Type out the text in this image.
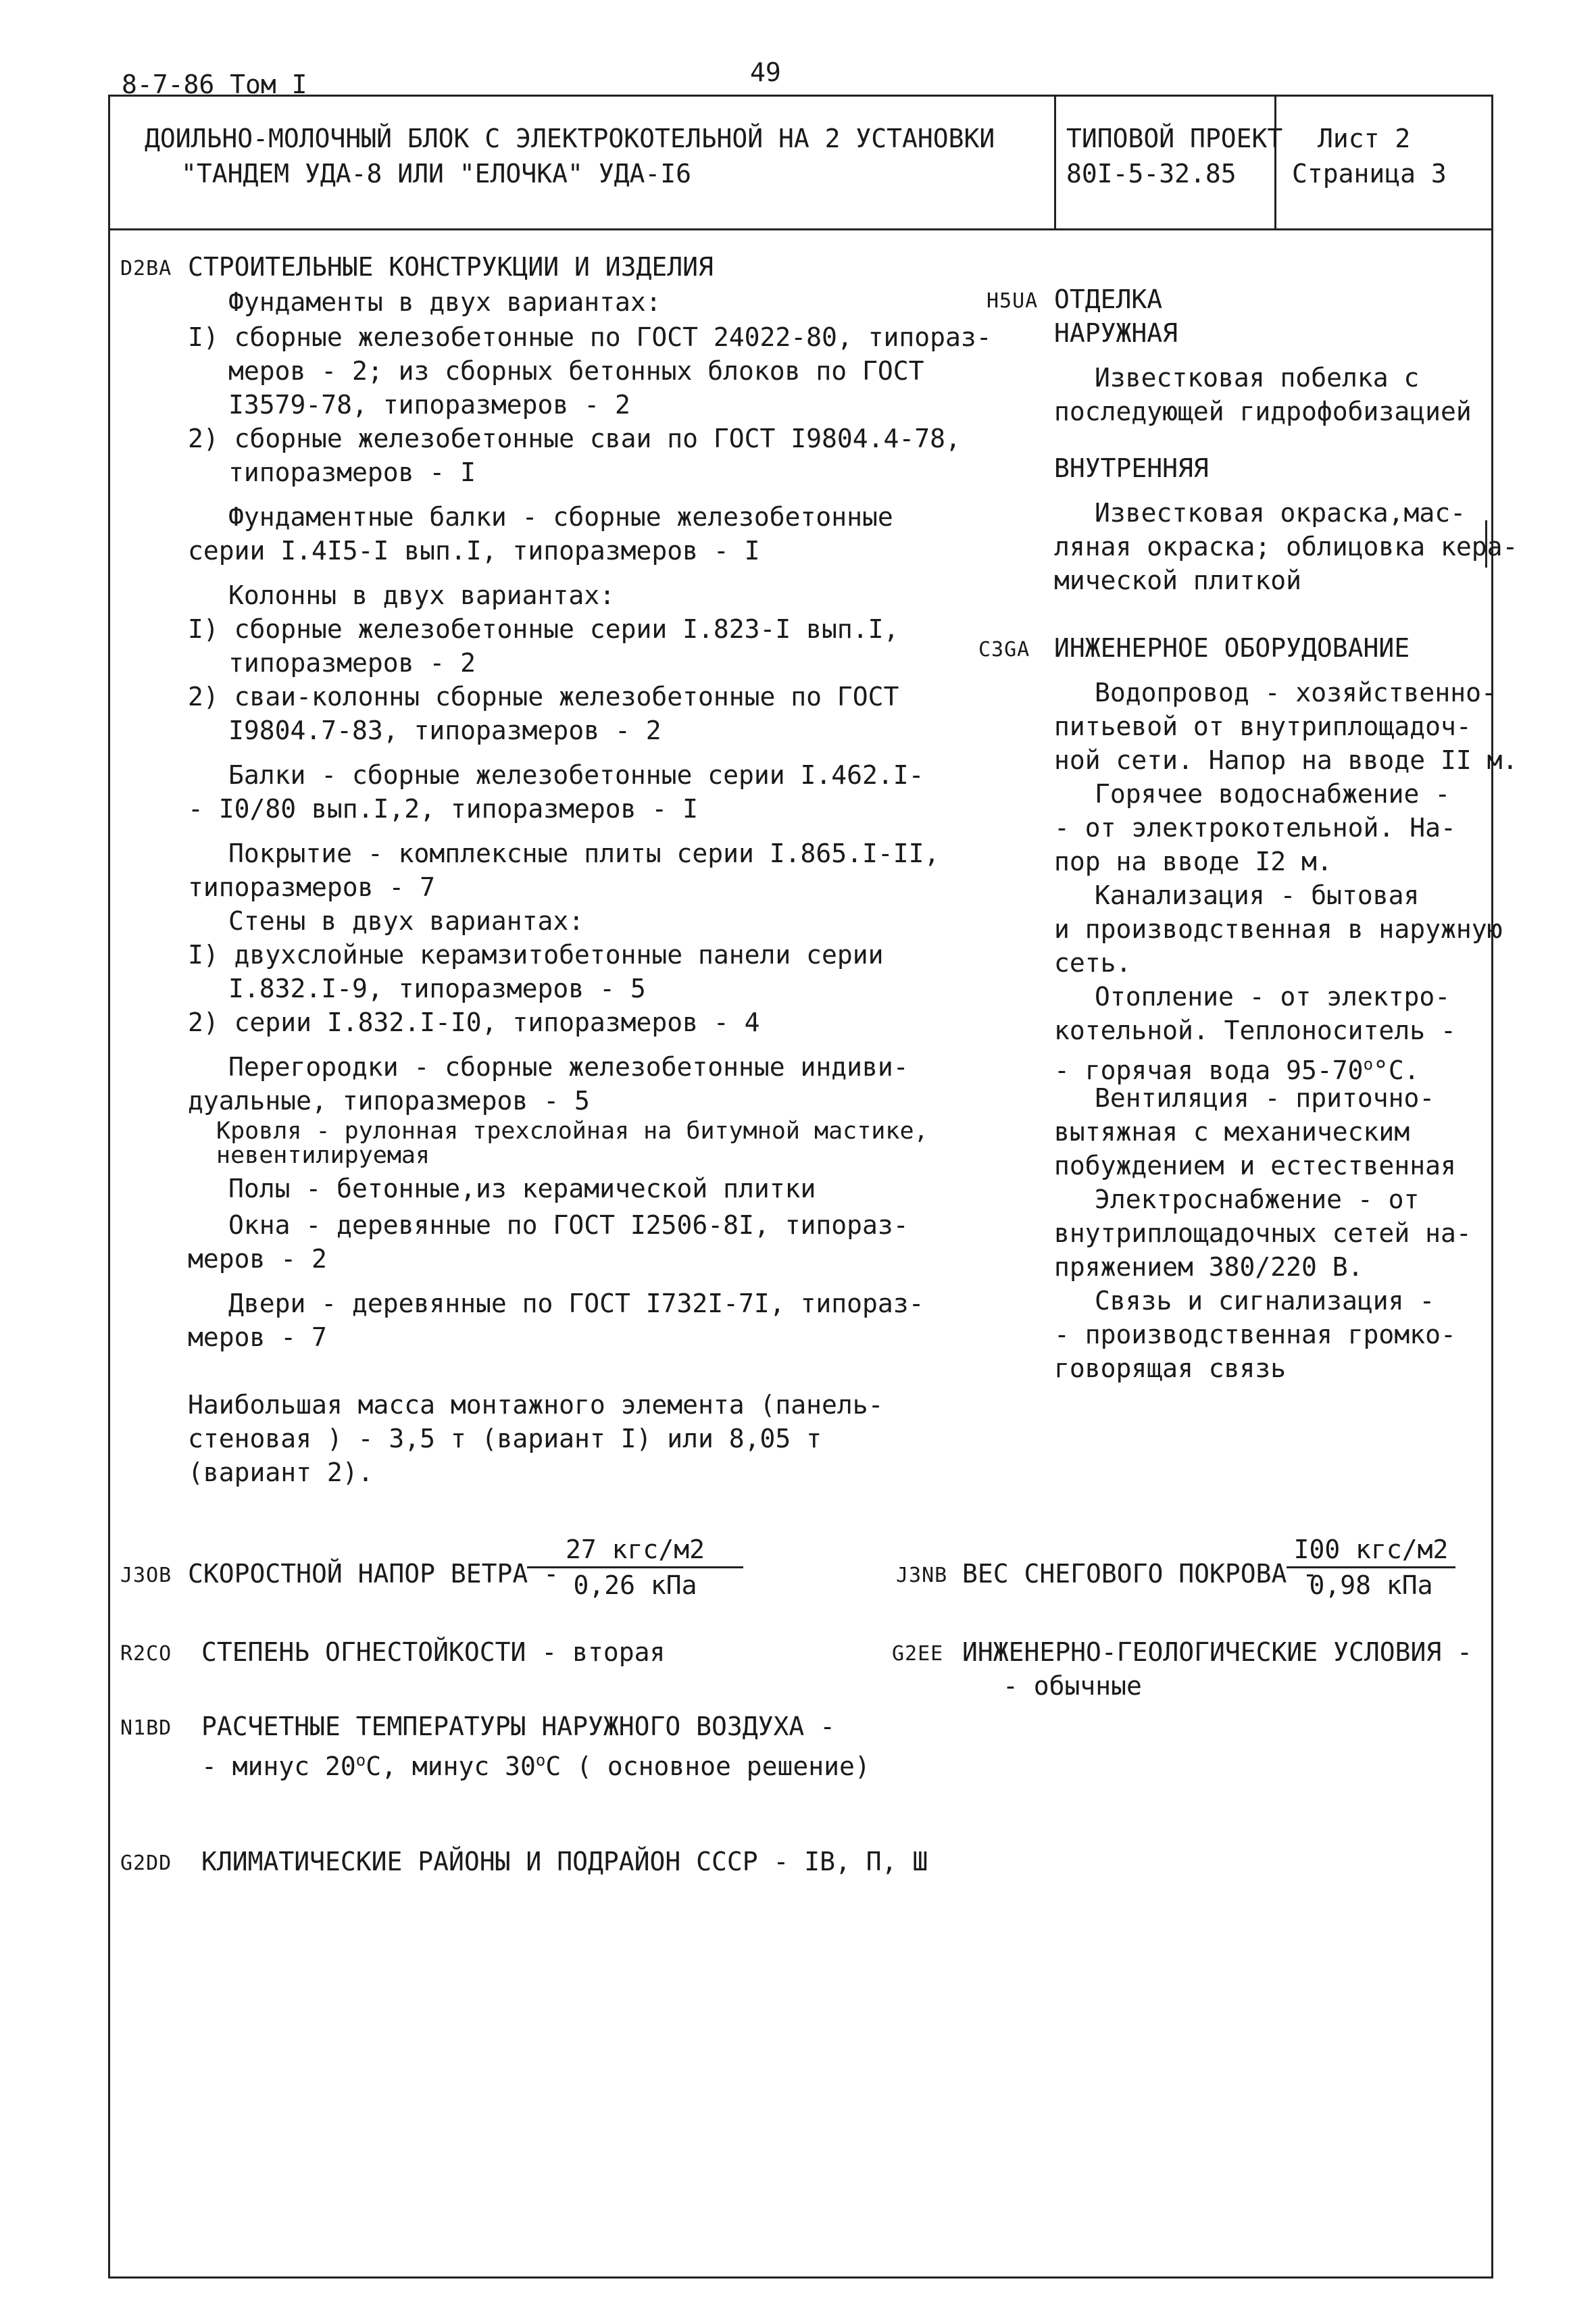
8-7-86 Том I	49
ДОИЛЬНО-МОЛОЧНЫЙ БЛОК С ЭЛЕКТРОКОТЕЛЬНОЙ НА 2 УСТАНОВКИ
"ТАНДЕМ УДА-8 ИЛИ "ЕЛОЧКА" УДА-I6
ТИПОВОЙ ПРОЕКТ
80I-5-32.85
Лист 2
Страница 3
D2BA СТРОИТЕЛЬНЫЕ КОНСТРУКЦИИ И ИЗДЕЛИЯ
Фундаменты в двух вариантах:
I) сборные железобетонные по ГОСТ 24022-80, типораз-
меров - 2; из сборных бетонных блоков по ГОСТ
I3579-78, типоразмеров - 2
2) сборные железобетонные сваи по ГОСТ I9804.4-78,
типоразмеров - I
Фундаментные балки - сборные железобетонные
серии I.4I5-I вып.I, типоразмеров - I
Колонны в двух вариантах:
I) сборные железобетонные серии I.823-I вып.I,
типоразмеров - 2
2) сваи-колонны сборные железобетонные по ГОСТ
I9804.7-83, типоразмеров - 2
Балки - сборные железобетонные серии I.462.I-
- I0/80 вып.I,2, типоразмеров - I
Покрытие - комплексные плиты серии I.865.I-II,
типоразмеров - 7
Стены в двух вариантах:
I) двухслойные керамзитобетонные панели серии
I.832.I-9, типоразмеров - 5
2) серии I.832.I-I0, типоразмеров - 4
Перегородки - сборные железобетонные индиви-
дуальные, типоразмеров - 5
Кровля - рулонная трехслойная на битумной мастике,
невентилируемая
Полы - бетонные,из керамической плитки
Окна - деревянные по ГОСТ I2506-8I, типораз-
меров - 2
Двери - деревянные по ГОСТ I732I-7I, типораз-
меров - 7
Наибольшая масса монтажного элемента (панель-
стеновая ) - 3,5 т (вариант I) или 8,05 т
(вариант 2).
H5UA ОТДЕЛКА
НАРУЖНАЯ
Известковая побелка с
последующей гидрофобизацией
ВНУТРЕННЯЯ
Известковая окраска,мас-
ляная окраска; облицовка кера-
мической плиткой
C3GA ИНЖЕНЕРНОЕ ОБОРУДОВАНИЕ
Водопровод - хозяйственно-
питьевой от внутриплощадоч-
ной сети. Напор на вводе II м.
Горячее водоснабжение -
- от электрокотельной. На-
пор на вводе I2 м.
Канализация - бытовая
и производственная в наружную
сеть.
Отопление - от электро-
котельной. Теплоноситель -
- горячая вода $95-70^о^\circ С$.
Вентиляция - приточно-
вытяжная с механическим
побуждением и естественная
Электроснабжение - от
внутриплощадочных сетей на-
пряжением 380/220 В.
Связь и сигнализация -
- производственная громко-
говорящая связь
J3OB СКОРОСТНОЙ НАПОР ВЕТРА -
27 кгс/м2
0,26 кПа	J3NB ВЕС СНЕГОВОГО ПОКРОВА -
I00 кгс/м2
0,98 кПа
R2CO СТЕПЕНЬ ОГНЕСТОЙКОСТИ - вторая	G2EE ИНЖЕНЕРНО-ГЕОЛОГИЧЕСКИЕ УСЛОВИЯ -
- обычные
N1BD РАСЧЕТНЫЕ ТЕМПЕРАТУРЫ НАРУЖНОГО ВОЗДУХА -
- минус $20^оС$, минус $30^оС$ ( основное решение)
G2DD КЛИМАТИЧЕСКИЕ РАЙОНЫ И ПОДРАЙОН СССР - IВ, П, Ш
